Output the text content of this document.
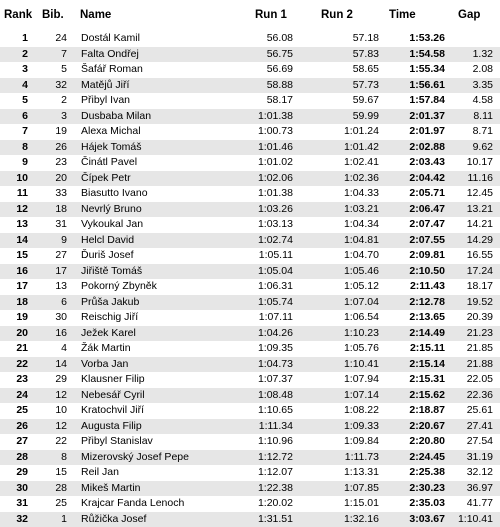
Rank Bib. Name	Run 1	Run 2	Time	Gap
1	24 Dostál Kamil	56.08	57.18	1:53.26
2	7 Falta Ondřej	56.75	57.83	1:54.58	1.32
3	5 Šafář Roman	56.69	58.65	1:55.34	2.08
4	32 Matějů Jiří	58.88	57.73	1:56.61	3.35
5	2 Přibyl Ivan	58.17	59.67	1:57.84	4.58
6	3 Dusbaba Milan	1:01.38	59.99	2:01.37	8.11
7	19 Alexa Michal	1:00.73	1:01.24	2:01.97	8.71
8	26 Hájek Tomáš	1:01.46	1:01.42	2:02.88	9.62
9	23 Činátl Pavel	1:01.02	1:02.41	2:03.43	10.17
10	20 Čípek Petr	1:02.06	1:02.36	2:04.42	11.16
11	33 Biasutto Ivano	1:01.38	1:04.33	2:05.71	12.45
12	18 Nevrlý Bruno	1:03.26	1:03.21	2:06.47	13.21
13	31 Vykoukal Jan	1:03.13	1:04.34	2:07.47	14.21
14	9 Helcl David	1:02.74	1:04.81	2:07.55	14.29
15	27 Ďuriš Josef	1:05.11	1:04.70	2:09.81	16.55
16	17 Jiřiště Tomáš	1:05.04	1:05.46	2:10.50	17.24
17	13 Pokorný Zbyněk	1:06.31	1:05.12	2:11.43	18.17
18	6 Průša Jakub	1:05.74	1:07.04	2:12.78	19.52
19	30 Reischig Jiří	1:07.11	1:06.54	2:13.65	20.39
20	16 Ježek Karel	1:04.26	1:10.23	2:14.49	21.23
21	4 Žák Martin	1:09.35	1:05.76	2:15.11	21.85
22	14 Vorba Jan	1:04.73	1:10.41	2:15.14	21.88
23	29 Klausner Filip	1:07.37	1:07.94	2:15.31	22.05
24	12 Nebesář Cyril	1:08.48	1:07.14	2:15.62	22.36
25	10 Kratochvil Jiří	1:10.65	1:08.22	2:18.87	25.61
26	12 Augusta Filip	1:11.34	1:09.33	2:20.67	27.41
27	22 Přibyl Stanislav	1:10.96	1:09.84	2:20.80	27.54
28	8 Mizerovský Josef Pepe	1:12.72	1:11.73	2:24.45	31.19
29	15 Reil Jan	1:12.07	1:13.31	2:25.38	32.12
30	28 Mikeš Martin	1:22.38	1:07.85	2:30.23	36.97
31	25 Krajcar Fanda Lenoch	1:20.02	1:15.01	2:35.03	41.77
32	1 Růžička Josef	1:31.51	1:32.16	3:03.67	1:10.41
